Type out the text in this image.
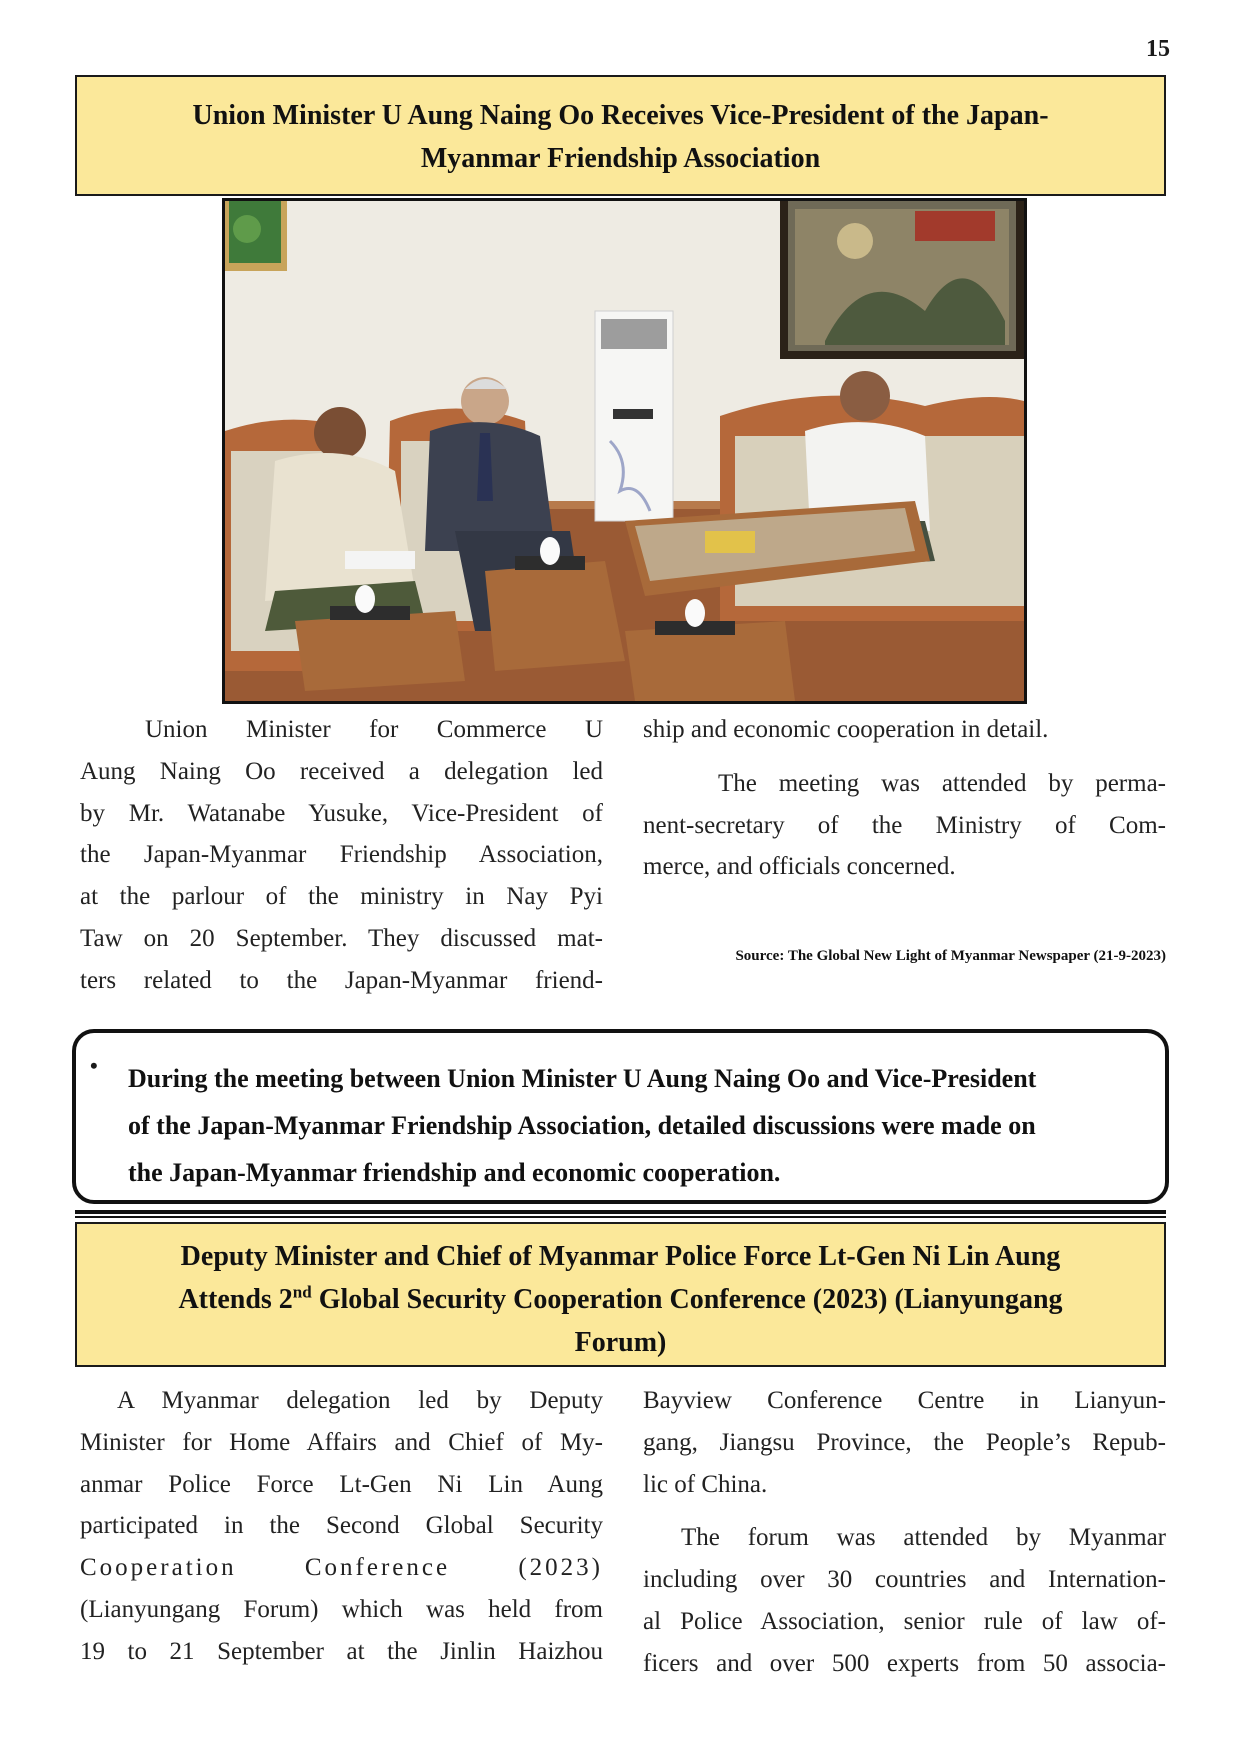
15
Union Minister U Aung Naing Oo Receives Vice-President of the Japan-
Myanmar Friendship Association

Union Minister for Commerce U
Aung Naing Oo received a delegation led
by Mr. Watanabe Yusuke, Vice-President of
the Japan-Myanmar Friendship Association,
at the parlour of the ministry in Nay Pyi
Taw on 20 September. They discussed mat-
ters related to the Japan-Myanmar friend-

ship and economic cooperation in detail.

The meeting was attended by perma-
nent-secretary of the Ministry of Com-
merce, and officials concerned.

Source: The Global New Light of Myanmar Newspaper (21-9-2023)
• During the meeting between Union Minister U Aung Naing Oo and Vice-President
of the Japan-Myanmar Friendship Association, detailed discussions were made on
the Japan-Myanmar friendship and economic cooperation.
Deputy Minister and Chief of Myanmar Police Force Lt-Gen Ni Lin Aung
Attends 2nd Global Security Cooperation Conference (2023) (Lianyungang
Forum)

A Myanmar delegation led by Deputy
Minister for Home Affairs and Chief of My-
anmar Police Force Lt-Gen Ni Lin Aung
participated in the Second Global Security
Cooperation Conference (2023)
(Lianyungang Forum) which was held from
19 to 21 September at the Jinlin Haizhou

Bayview Conference Centre in Lianyun-
gang, Jiangsu Province, the People’s Repub-
lic of China.

The forum was attended by Myanmar
including over 30 countries and Internation-
al Police Association, senior rule of law of-
ficers and over 500 experts from 50 associa-
